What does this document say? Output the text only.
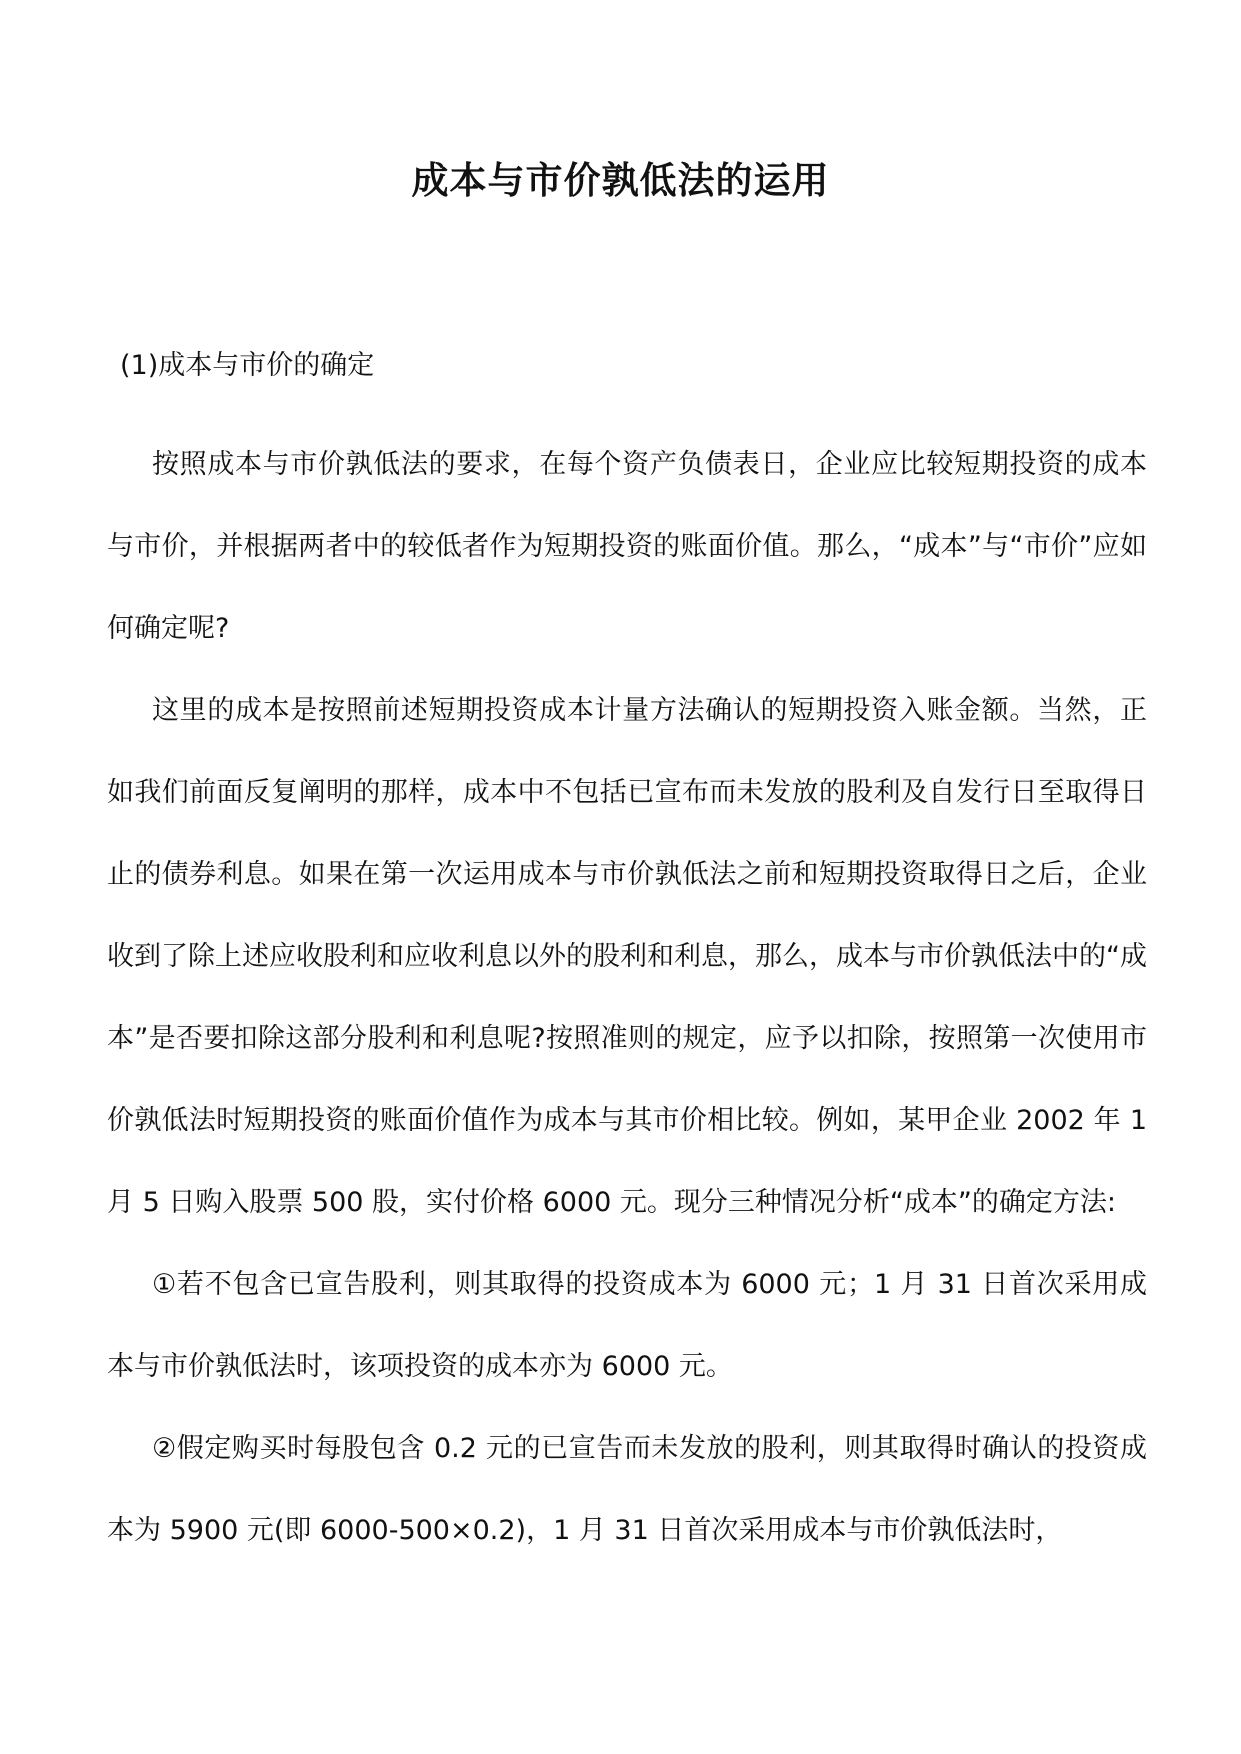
成本与市价孰低法的运用
(1)成本与市价的确定

按照成本与市价孰低法的要求，在每个资产负债表日，企业应比较短期投资的成本与市价，并根据两者中的较低者作为短期投资的账面价值。那么，“成本”与“市价”应如何确定呢?

这里的成本是按照前述短期投资成本计量方法确认的短期投资入账金额。当然，正如我们前面反复阐明的那样，成本中不包括已宣布而未发放的股利及自发行日至取得日止的债券利息。如果在第一次运用成本与市价孰低法之前和短期投资取得日之后，企业收到了除上述应收股利和应收利息以外的股利和利息，那么，成本与市价孰低法中的“成本”是否要扣除这部分股利和利息呢?按照准则的规定，应予以扣除，按照第一次使用市价孰低法时短期投资的账面价值作为成本与其市价相比较。例如，某甲企业 2002 年 1 月 5 日购入股票 500 股，实付价格 6000 元。现分三种情况分析“成本”的确定方法:

①若不包含已宣告股利，则其取得的投资成本为 6000 元；1 月 31 日首次采用成本与市价孰低法时，该项投资的成本亦为 6000 元。

②假定购买时每股包含 0.2 元的已宣告而未发放的股利，则其取得时确认的投资成本为 5900 元(即 6000-500×0.2)，1 月 31 日首次采用成本与市价孰低法时，
